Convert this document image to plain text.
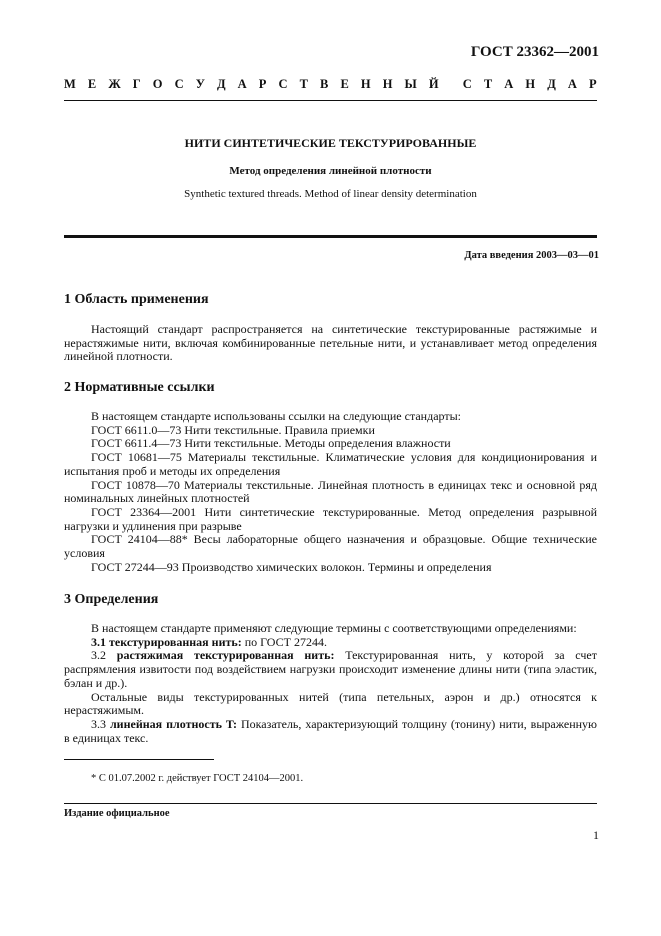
ГОСТ 23362—2001
М Е Ж Г О С У Д А Р С Т В Е Н Н Ы Й С Т А Н Д А Р
НИТИ СИНТЕТИЧЕСКИЕ ТЕКСТУРИРОВАННЫЕ
Метод определения линейной плотности
Synthetic textured threads. Method of linear density determination
Дата введения 2003—03—01
1 Область применения

Настоящий стандарт распространяется на синтетические текстурированные растяжимые и нерастяжимые нити, включая комбинированные петельные нити, и устанавливает метод определения линейной плотности.

2 Нормативные ссылки

В настоящем стандарте использованы ссылки на следующие стандарты:

ГОСТ 6611.0—73 Нити текстильные. Правила приемки

ГОСТ 6611.4—73 Нити текстильные. Методы определения влажности

ГОСТ 10681—75 Материалы текстильные. Климатические условия для кондиционирования и испытания проб и методы их определения

ГОСТ 10878—70 Материалы текстильные. Линейная плотность в единицах текс и основной ряд номинальных линейных плотностей

ГОСТ 23364—2001 Нити синтетические текстурированные. Метод определения разрывной нагрузки и удлинения при разрыве

ГОСТ 24104—88* Весы лабораторные общего назначения и образцовые. Общие технические условия

ГОСТ 27244—93 Производство химических волокон. Термины и определения

3 Определения

В настоящем стандарте применяют следующие термины с соответствующими определениями:

3.1 текстурированная нить: по ГОСТ 27244.

3.2 растяжимая текстурированная нить: Текстурированная нить, у которой за счет распрямления извитости под воздействием нагрузки происходит изменение длины нити (типа эластик, бэлан и др.).

Остальные виды текстурированных нитей (типа петельных, аэрон и др.) относятся к нерастяжимым.

3.3 линейная плотность T: Показатель, характеризующий толщину (тонину) нити, выраженную в единицах текс.

* С 01.07.2002 г. действует ГОСТ 24104—2001.
Издание официальное
1
